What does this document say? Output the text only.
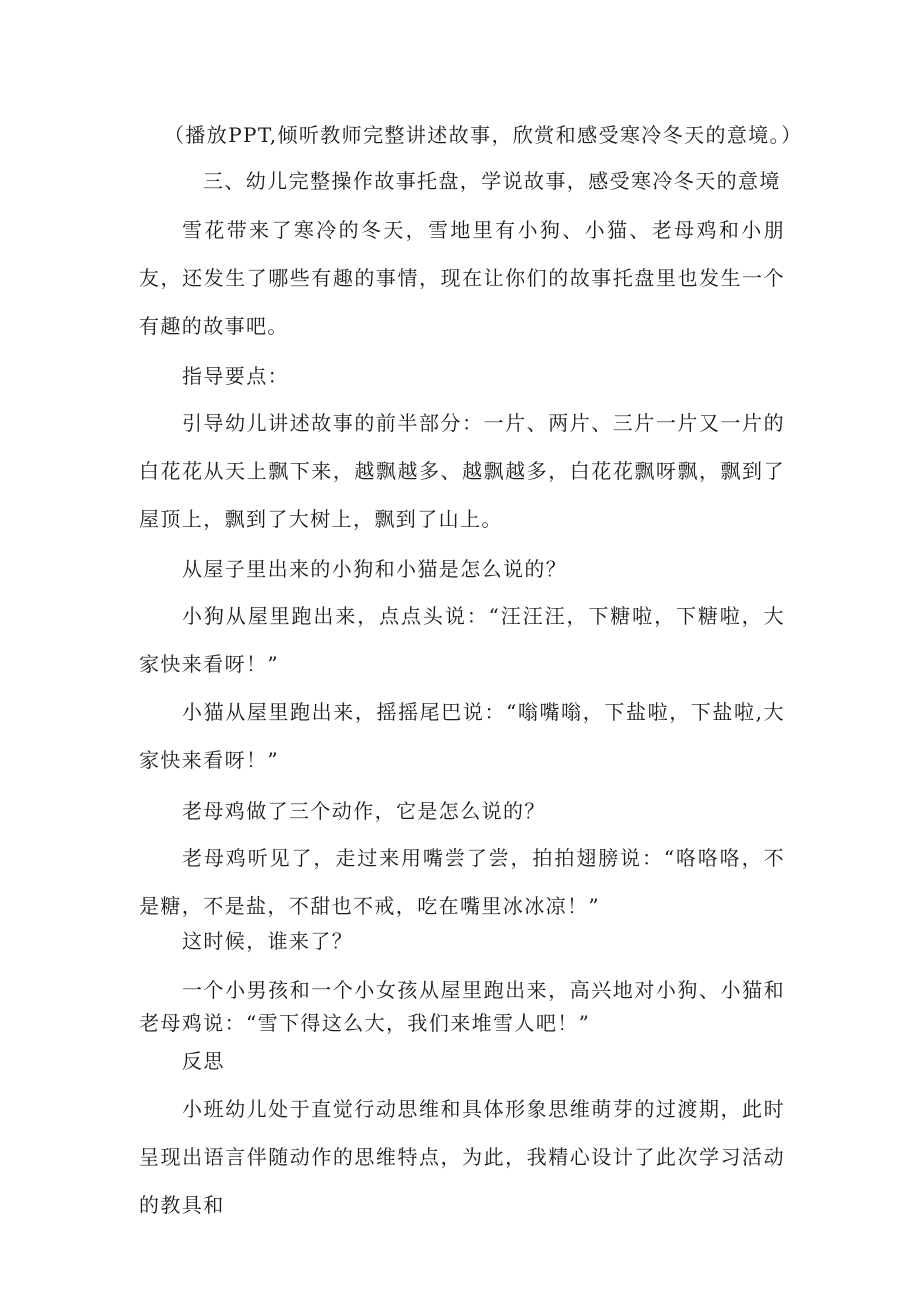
（播放PPT,倾听教师完整讲述故事，欣赏和感受寒冷冬天的意境。）
三、幼儿完整操作故事托盘，学说故事，感受寒冷冬天的意境
雪花带来了寒冷的冬天，雪地里有小狗、小猫、老母鸡和小朋友，还发生了哪些有趣的事情，现在让你们的故事托盘里也发生一个有趣的故事吧。
指导要点：
引导幼儿讲述故事的前半部分：一片、两片、三片一片又一片的白花花从天上飘下来，越飘越多、越飘越多，白花花飘呀飘，飘到了屋顶上，飘到了大树上，飘到了山上。
从屋子里出来的小狗和小猫是怎么说的？
小狗从屋里跑出来，点点头说：“汪汪汪，下糖啦，下糖啦，大家快来看呀！”
小猫从屋里跑出来，摇摇尾巴说：“嗡嘴嗡，下盐啦，下盐啦,大家快来看呀！”
老母鸡做了三个动作，它是怎么说的？
老母鸡听见了，走过来用嘴尝了尝，拍拍翅膀说：“咯咯咯，不是糖，不是盐，不甜也不戒，吃在嘴里冰冰凉！”
这时候，谁来了？
一个小男孩和一个小女孩从屋里跑出来，高兴地对小狗、小猫和老母鸡说：“雪下得这么大，我们来堆雪人吧！”
反思
小班幼儿处于直觉行动思维和具体形象思维萌芽的过渡期，此时呈现出语言伴随动作的思维特点，为此，我精心设计了此次学习活动的教具和
